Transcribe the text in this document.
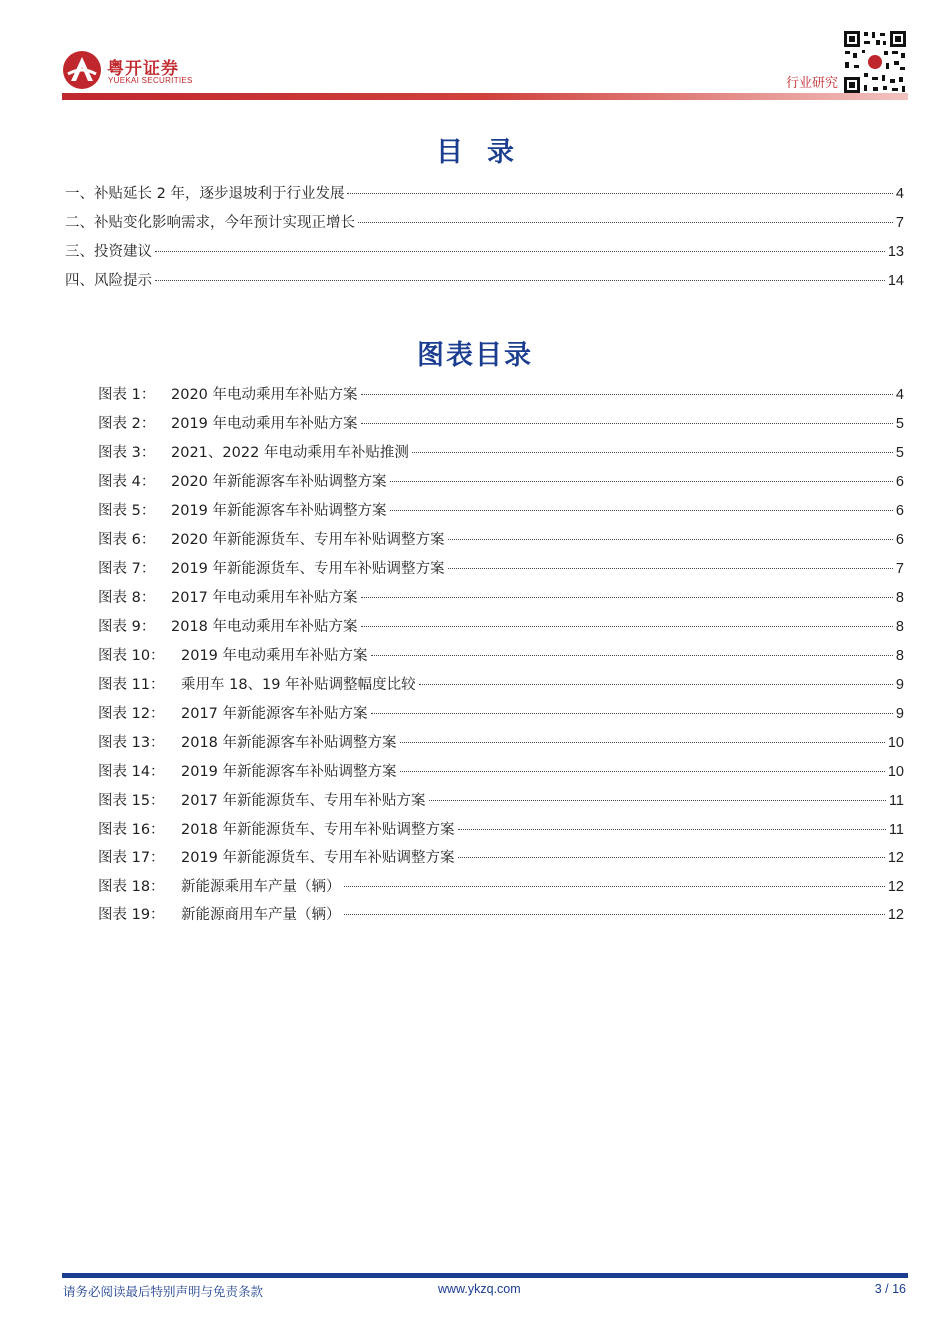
粤开证券
YUEKAI SECURITIES	行业研究
目录
一、补贴延长 2 年，逐步退坡利于行业发展	4
二、补贴变化影响需求，今年预计实现正增长	7
三、投资建议	13
四、风险提示	14
图表目录
图表 1：	2020 年电动乘用车补贴方案	4
图表 2：	2019 年电动乘用车补贴方案	5
图表 3：	2021、2022 年电动乘用车补贴推测	5
图表 4：	2020 年新能源客车补贴调整方案	6
图表 5：	2019 年新能源客车补贴调整方案	6
图表 6：	2020 年新能源货车、专用车补贴调整方案	6
图表 7：	2019 年新能源货车、专用车补贴调整方案	7
图表 8：	2017 年电动乘用车补贴方案	8
图表 9：	2018 年电动乘用车补贴方案	8
图表 10：	2019 年电动乘用车补贴方案	8
图表 11：	乘用车 18、19 年补贴调整幅度比较	9
图表 12：	2017 年新能源客车补贴方案	9
图表 13：	2018 年新能源客车补贴调整方案	10
图表 14：	2019 年新能源客车补贴调整方案	10
图表 15：	2017 年新能源货车、专用车补贴方案	11
图表 16：	2018 年新能源货车、专用车补贴调整方案	11
图表 17：	2019 年新能源货车、专用车补贴调整方案	12
图表 18：	新能源乘用车产量（辆）	12
图表 19：	新能源商用车产量（辆）	12
请务必阅读最后特别声明与免责条款	www.ykzq.com	3 / 16
